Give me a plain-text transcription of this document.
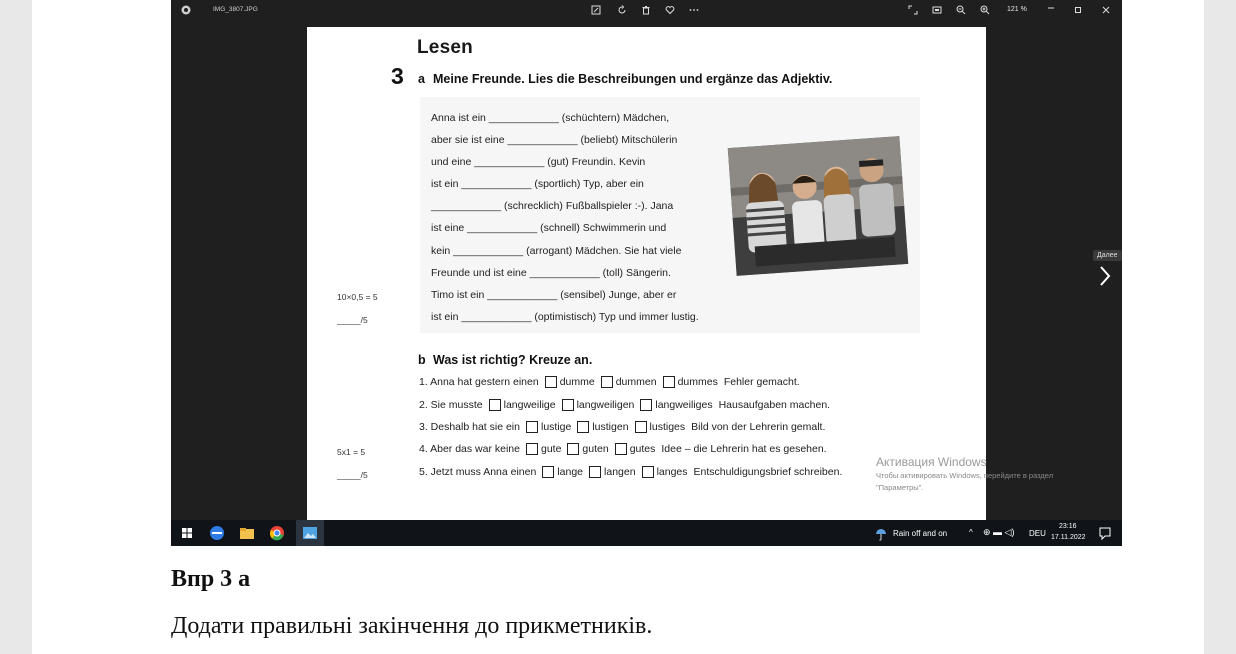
IMG_3807.JPG	121 %
Lesen
3 a Meine Freunde. Lies die Beschreibungen und ergänze das Adjektiv.
Anna ist ein ____________ (schüchtern) Mädchen,
aber sie ist eine ____________ (beliebt) Mitschülerin
und eine ____________ (gut) Freundin. Kevin
ist ein ____________ (sportlich) Typ, aber ein
____________ (schrecklich) Fußballspieler :-). Jana
ist eine ____________ (schnell) Schwimmerin und
kein ____________ (arrogant) Mädchen. Sie hat viele
Freunde und ist eine ____________ (toll) Sängerin.
Timo ist ein ____________ (sensibel) Junge, aber er
ist ein ____________ (optimistisch) Typ und immer lustig.
10×0,5 = 5
_____/5
b Was ist richtig? Kreuze an.
1. Anna hat gestern einen dumme dummen dummes Fehler gemacht.
2. Sie musste langweilige langweiligen langweiliges Hausaufgaben machen.
3. Deshalb hat sie ein lustige lustigen lustiges Bild von der Lehrerin gemalt.
4. Aber das war keine gute guten gutes Idee – die Lehrerin hat es gesehen.
5. Jetzt muss Anna einen lange langen langes Entschuldigungsbrief schreiben.
5x1 = 5
_____/5
Активация Windows
Чтобы активировать Windows, перейдите в раздел
"Параметры".
Далее
Rain off and on	^ ⊕ ▬ ◁) DEU
23:16
17.11.2022
Впр 3 а
Додати правильні закінчення до прикметників.
